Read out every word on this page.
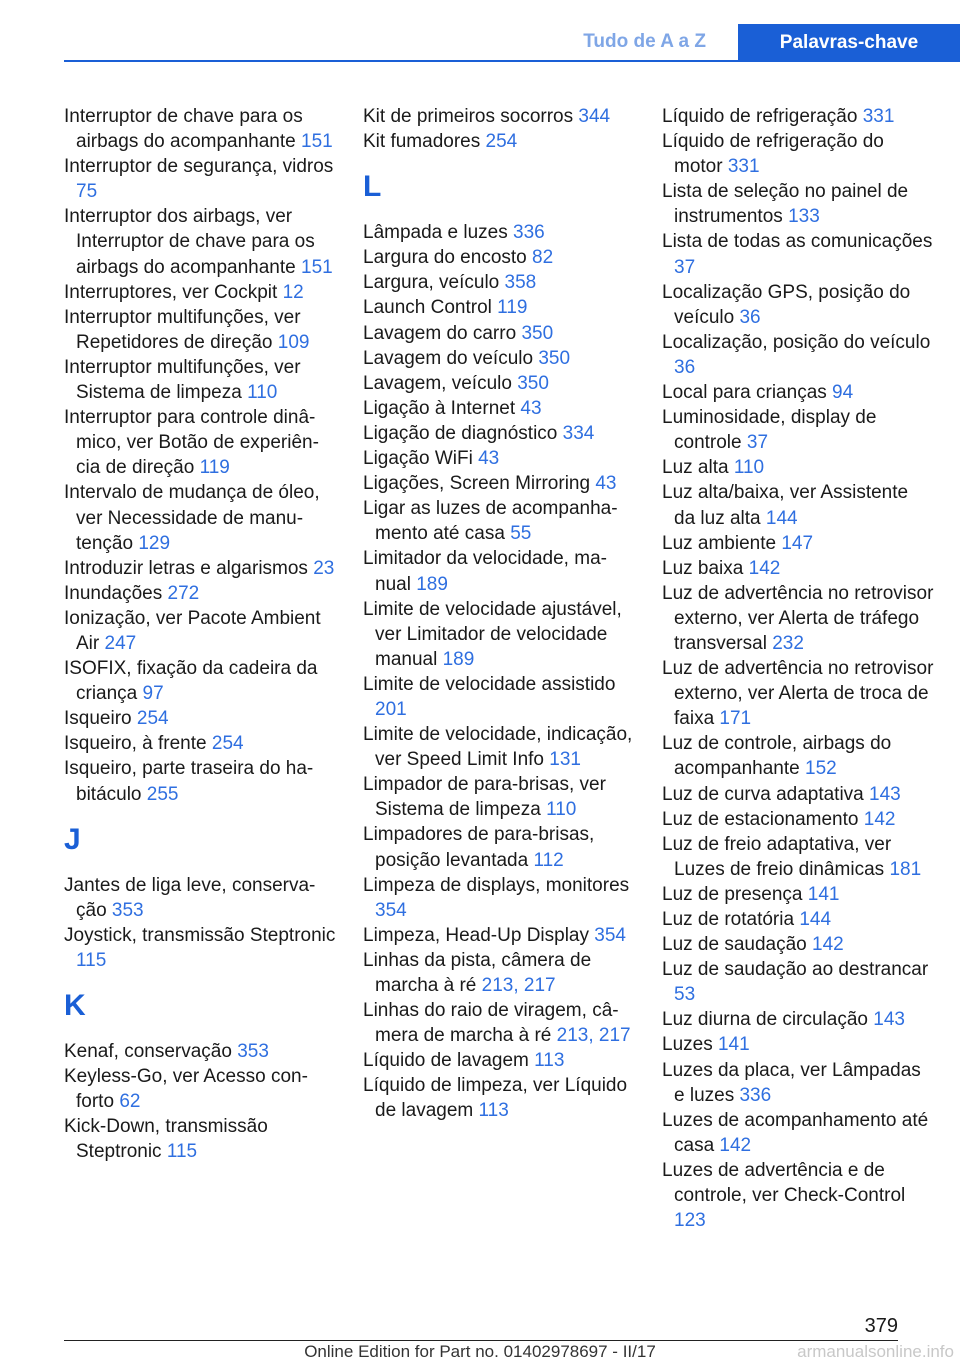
Tudo de A a Z	Palavras-chave
Interruptor de chave para os airbags do acompanhante 151
Interruptor de segurança, vidros 75
Interruptor dos airbags, ver Interruptor de chave para os airbags do acompanhante 151
Interruptores, ver Cockpit 12
Interruptor multifunções, ver Repetidores de direção 109
Interruptor multifunções, ver Sistema de limpeza 110
Interruptor para controle dinâmico, ver Botão de experiência de direção 119
Intervalo de mudança de óleo, ver Necessidade de manutenção 129
Introduzir letras e algarismos 23
Inundações 272
Ionização, ver Pacote Ambient Air 247
ISOFIX, fixação da cadeira da criança 97
Isqueiro 254
Isqueiro, à frente 254
Isqueiro, parte traseira do habitáculo 255
J
Jantes de liga leve, conservação 353
Joystick, transmissão Steptronic 115
K
Kenaf, conservação 353
Keyless-Go, ver Acesso conforto 62
Kick-Down, transmissão Steptronic 115
Kit de primeiros socorros 344
Kit fumadores 254
L
Lâmpada e luzes 336
Largura do encosto 82
Largura, veículo 358
Launch Control 119
Lavagem do carro 350
Lavagem do veículo 350
Lavagem, veículo 350
Ligação à Internet 43
Ligação de diagnóstico 334
Ligação WiFi 43
Ligações, Screen Mirroring 43
Ligar as luzes de acompanhamento até casa 55
Limitador da velocidade, manual 189
Limite de velocidade ajustável, ver Limitador de velocidade manual 189
Limite de velocidade assistido 201
Limite de velocidade, indicação, ver Speed Limit Info 131
Limpador de para-brisas, ver Sistema de limpeza 110
Limpadores de para-brisas, posição levantada 112
Limpeza de displays, monitores 354
Limpeza, Head-Up Display 354
Linhas da pista, câmera de marcha à ré 213, 217
Linhas do raio de viragem, câmera de marcha à ré 213, 217
Líquido de lavagem 113
Líquido de limpeza, ver Líquido de lavagem 113
Líquido de refrigeração 331
Líquido de refrigeração do motor 331
Lista de seleção no painel de instrumentos 133
Lista de todas as comunicações 37
Localização GPS, posição do veículo 36
Localização, posição do veículo 36
Local para crianças 94
Luminosidade, display de controle 37
Luz alta 110
Luz alta/baixa, ver Assistente da luz alta 144
Luz ambiente 147
Luz baixa 142
Luz de advertência no retrovisor externo, ver Alerta de tráfego transversal 232
Luz de advertência no retrovisor externo, ver Alerta de troca de faixa 171
Luz de controle, airbags do acompanhante 152
Luz de curva adaptativa 143
Luz de estacionamento 142
Luz de freio adaptativa, ver Luzes de freio dinâmicas 181
Luz de presença 141
Luz de rotatória 144
Luz de saudação 142
Luz de saudação ao destrancar 53
Luz diurna de circulação 143
Luzes 141
Luzes da placa, ver Lâmpadas e luzes 336
Luzes de acompanhamento até casa 142
Luzes de advertência e de controle, ver Check-Control 123
379
Online Edition for Part no. 01402978697 - II/17	armanualsonline.info
